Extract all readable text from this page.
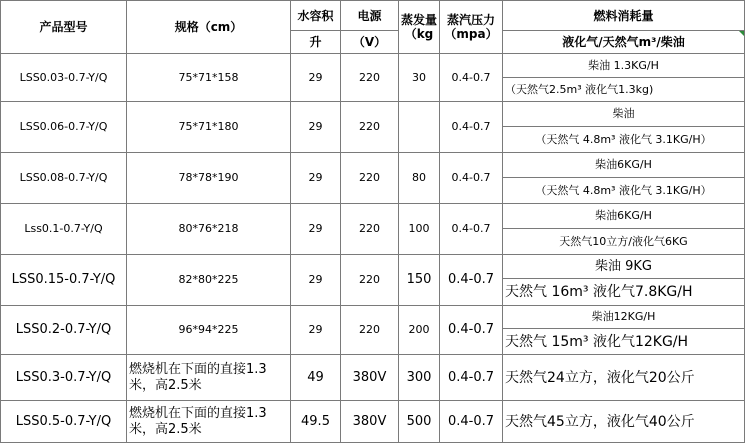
产品型号	规格（cm）	水容积	电源	蒸发量（kg	蒸汽压力（mpa）	燃料消耗量
		升	（V）			液化气/天然气m³/柴油
LSS0.03-0.7-Y/Q	75*71*158	29	220	30	0.4-0.7	柴油 1.3KG/H
						（天然气2.5m³ 液化气1.3kg)
LSS0.06-0.7-Y/Q	75*71*180	29	220		0.4-0.7	柴油
						（天然气 4.8m³ 液化气 3.1KG/H）
LSS0.08-0.7-Y/Q	78*78*190	29	220	80	0.4-0.7	柴油6KG/H
						（天然气 4.8m³ 液化气 3.1KG/H）
Lss0.1-0.7-Y/Q	80*76*218	29	220	100	0.4-0.7	柴油6KG/H
						天然气10立方/液化气6KG
LSS0.15-0.7-Y/Q	82*80*225	29	220	150	0.4-0.7	柴油 9KG
						天然气 16m³ 液化气7.8KG/H
LSS0.2-0.7-Y/Q	96*94*225	29	220	200	0.4-0.7	柴油12KG/H
						天然气 15m³ 液化气12KG/H
LSS0.3-0.7-Y/Q	燃烧机在下面的直接1.3米，高2.5米	49	380V	300	0.4-0.7	天然气24立方，液化气20公斤
LSS0.5-0.7-Y/Q	燃烧机在下面的直接1.3米，高2.5米	49.5	380V	500	0.4-0.7	天然气45立方，液化气40公斤
